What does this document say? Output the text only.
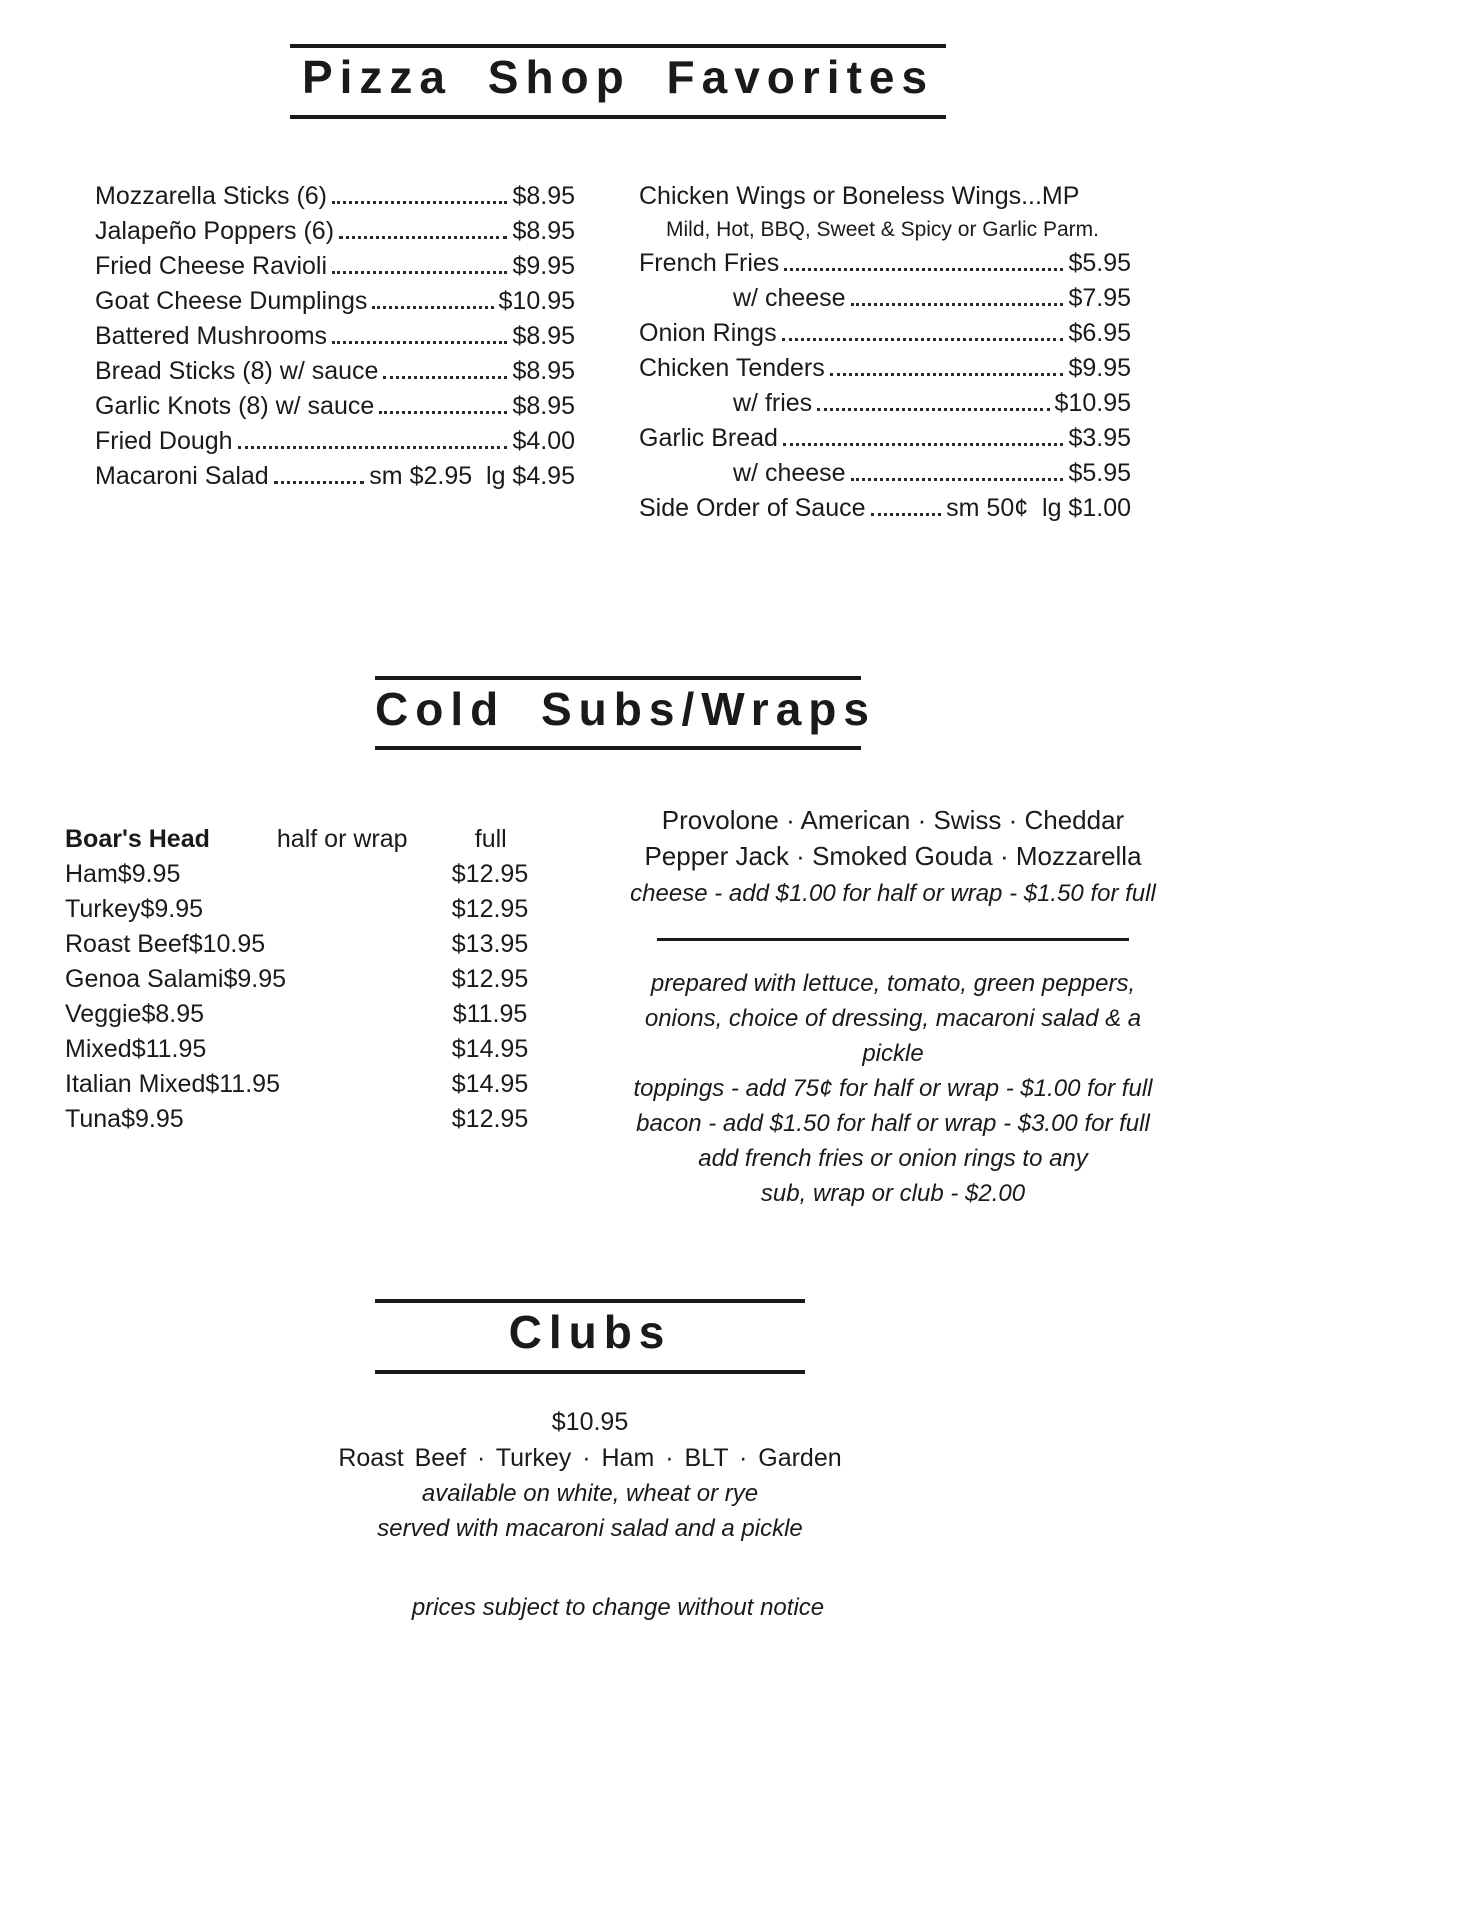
Pizza Shop Favorites
Mozzarella Sticks (6)	$8.95
Jalapeño Poppers (6)	$8.95
Fried Cheese Ravioli	$9.95
Goat Cheese Dumplings	$10.95
Battered Mushrooms	$8.95
Bread Sticks (8) w/ sauce	$8.95
Garlic Knots (8) w/ sauce	$8.95
Fried Dough	$4.00
Macaroni Salad	sm $2.95  lg $4.95
Chicken Wings or Boneless Wings...MP
Mild, Hot, BBQ, Sweet & Spicy or Garlic Parm.
French Fries	$5.95
w/ cheese	$7.95
Onion Rings	$6.95
Chicken Tenders	$9.95
w/ fries	$10.95
Garlic Bread	$3.95
w/ cheese	$5.95
Side Order of Sauce	sm 50¢  lg $1.00
Cold Subs/Wraps
Boar's Head	half or wrap	full
Ham $9.95	$12.95
Turkey $9.95	$12.95
Roast Beef $10.95	$13.95
Genoa Salami $9.95	$12.95
Veggie $8.95	$11.95
Mixed $11.95	$14.95
Italian Mixed $11.95	$14.95
Tuna $9.95	$12.95
Provolone · American · Swiss · Cheddar
Pepper Jack · Smoked Gouda · Mozzarella
cheese - add $1.00 for half or wrap - $1.50 for full
prepared with lettuce, tomato, green peppers,
onions, choice of dressing, macaroni salad & a pickle
toppings - add 75¢ for half or wrap - $1.00 for full
bacon - add $1.50 for half or wrap - $3.00 for full
add french fries or onion rings to any
sub, wrap or club - $2.00
Clubs
$10.95
Roast Beef · Turkey · Ham · BLT · Garden
available on white, wheat or rye
served with macaroni salad and a pickle
prices subject to change without notice
